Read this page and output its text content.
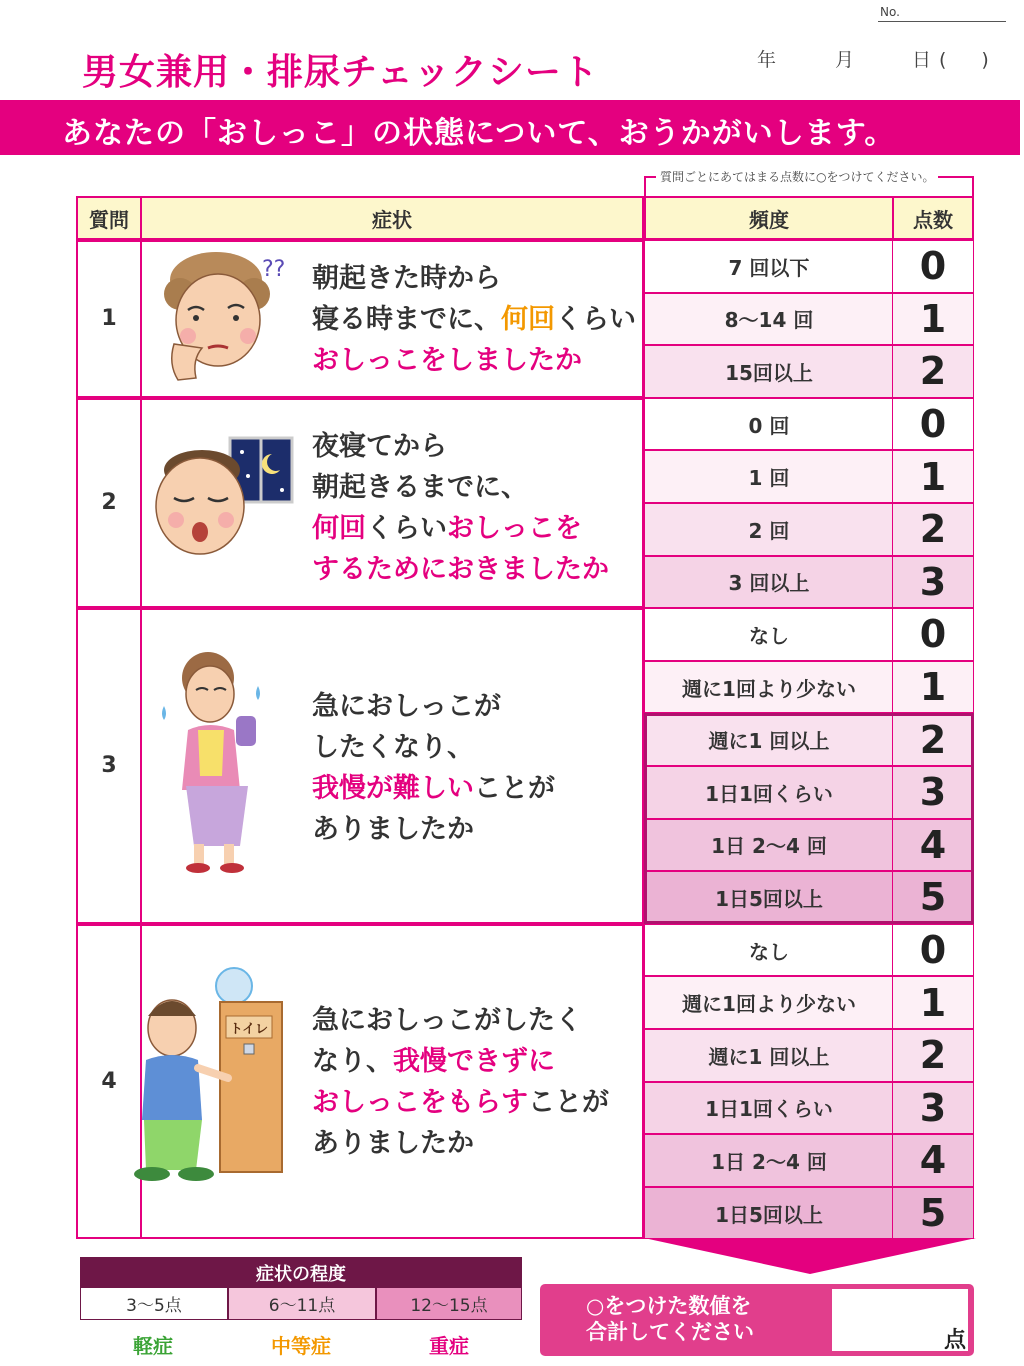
No.
男女兼用・排尿チェックシート	年	月	日(　)
あなたの「おしっこ」の状態について、おうかがいします。
質問ごとにあてはまる点数に○をつけてください。
質問	症状	頻度	点数
1
朝起きた時から
寝る時までに、何回くらい
おしっこをしましたか
7 回以下	0
8～14 回	1
15回以上	2
2
夜寝てから
朝起きるまでに、
何回くらいおしっこを
するためにおきましたか
0 回	0
1 回	1
2 回	2
3 回以上	3
3
急におしっこが
したくなり、
我慢が難しいことが
ありましたか
なし	0
週に1回より少ない	1
週に1 回以上	2
1日1回くらい	3
1日 2～4 回	4
1日5回以上	5
4
急におしっこがしたく
なり、我慢できずに
おしっこをもらすことが
ありましたか
なし	0
週に1回より少ない	1
週に1 回以上	2
1日1回くらい	3
1日 2～4 回	4
1日5回以上	5
??
トイレ
症状の程度
3～5点
軽症
6～11点
中等症
12～15点
重症
○をつけた数値を
合計してください	点
